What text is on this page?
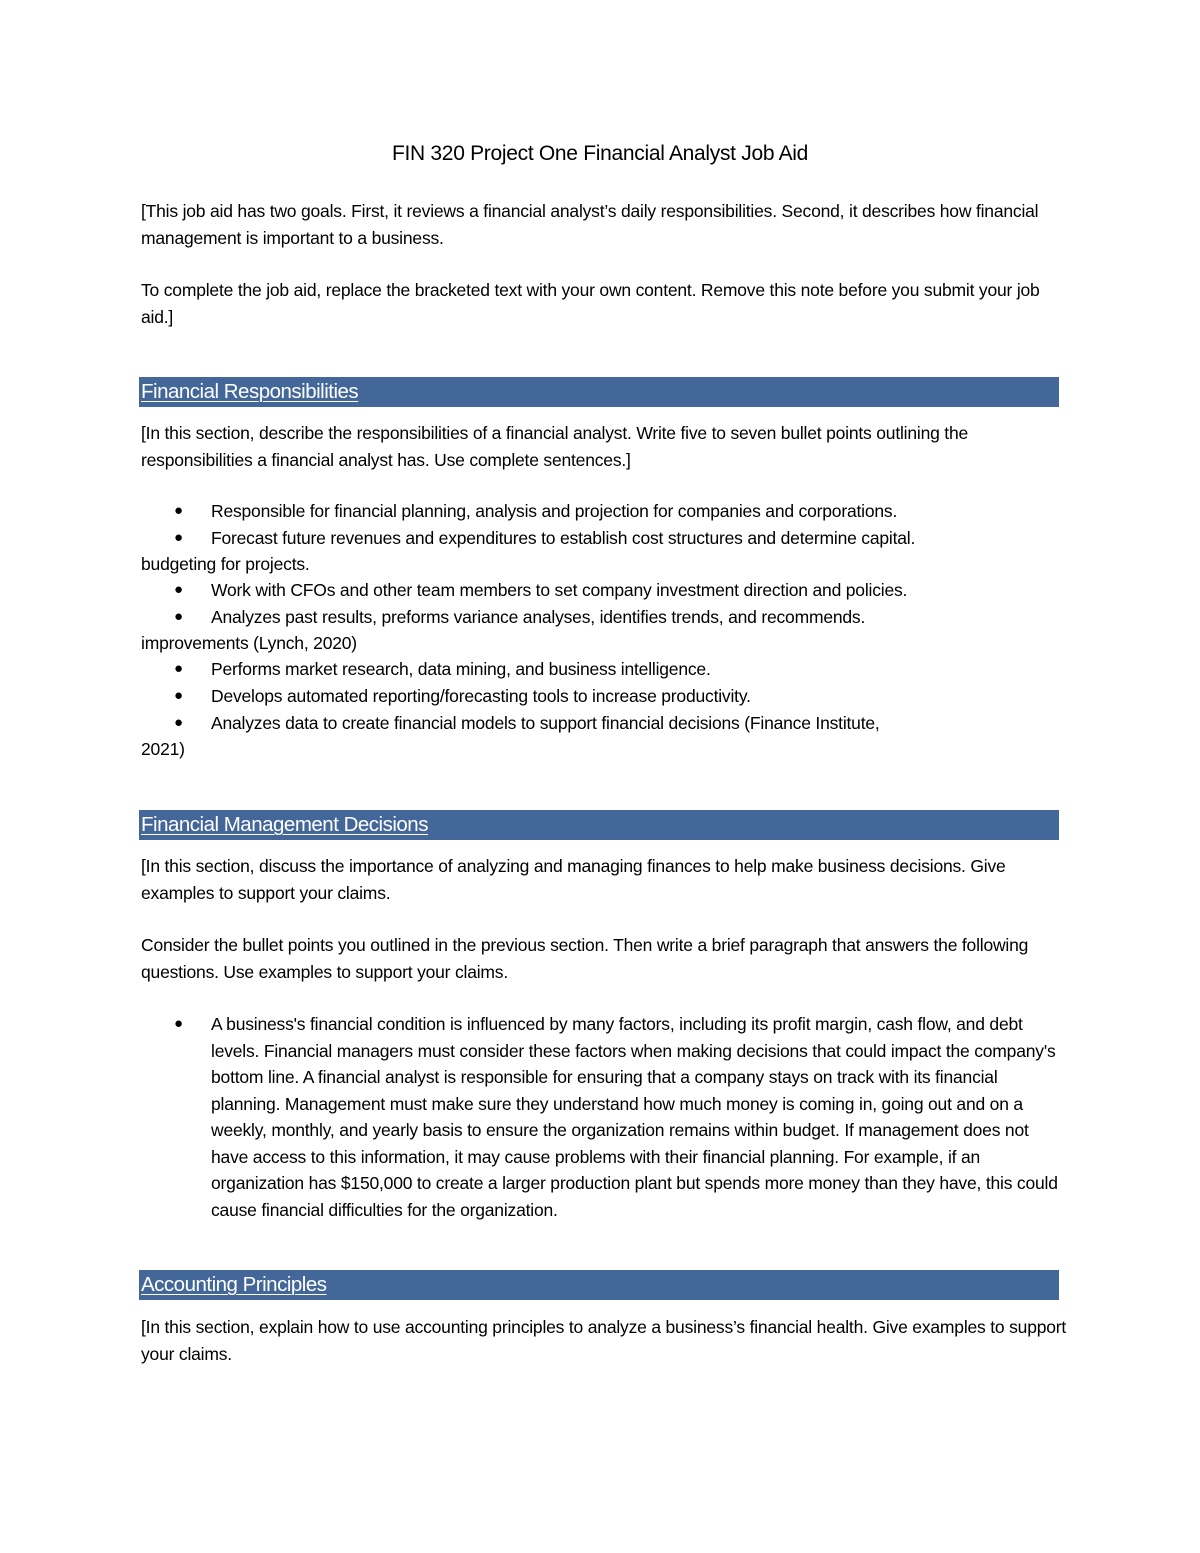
FIN 320 Project One Financial Analyst Job Aid
[This job aid has two goals. First, it reviews a financial analyst’s daily responsibilities. Second, it describes how financial management is important to a business.
To complete the job aid, replace the bracketed text with your own content. Remove this note before you submit your job aid.]
Financial Responsibilities
[In this section, describe the responsibilities of a financial analyst. Write five to seven bullet points outlining the responsibilities a financial analyst has. Use complete sentences.]
● Responsible for financial planning, analysis and projection for companies and corporations.
● Forecast future revenues and expenditures to establish cost structures and determine capital.
budgeting for projects.
● Work with CFOs and other team members to set company investment direction and policies.
● Analyzes past results, preforms variance analyses, identifies trends, and recommends.
improvements (Lynch, 2020)
● Performs market research, data mining, and business intelligence.
● Develops automated reporting/forecasting tools to increase productivity.
● Analyzes data to create financial models to support financial decisions (Finance Institute,
2021)
Financial Management Decisions
[In this section, discuss the importance of analyzing and managing finances to help make business decisions. Give examples to support your claims.
Consider the bullet points you outlined in the previous section. Then write a brief paragraph that answers the following questions. Use examples to support your claims.
● A business's financial condition is influenced by many factors, including its profit margin, cash flow, and debt levels. Financial managers must consider these factors when making decisions that could impact the company's bottom line. A financial analyst is responsible for ensuring that a company stays on track with its financial planning. Management must make sure they understand how much money is coming in, going out and on a weekly, monthly, and yearly basis to ensure the organization remains within budget. If management does not have access to this information, it may cause problems with their financial planning. For example, if an organization has $150,000 to create a larger production plant but spends more money than they have, this could cause financial difficulties for the organization.
Accounting Principles
[In this section, explain how to use accounting principles to analyze a business’s financial health. Give examples to support your claims.
